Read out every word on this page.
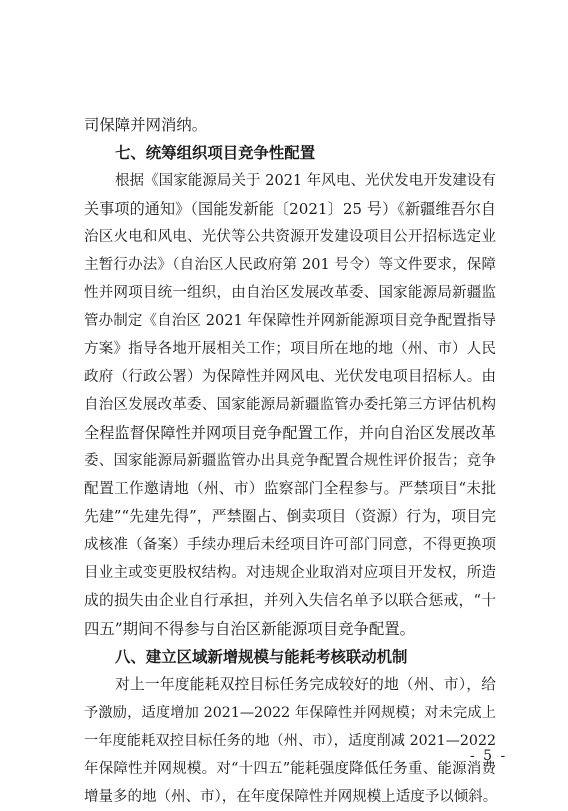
司保障并网消纳。
七、统筹组织项目竞争性配置
根据《国家能源局关于 2021 年风电、光伏发电开发建设有
关事项的通知》（国能发新能〔2021〕25 号）《新疆维吾尔自
治区火电和风电、光伏等公共资源开发建设项目公开招标选定业
主暂行办法》（自治区人民政府第 201 号令）等文件要求，保障
性并网项目统一组织，由自治区发展改革委、国家能源局新疆监
管办制定《自治区 2021 年保障性并网新能源项目竞争配置指导
方案》指导各地开展相关工作；项目所在地的地（州、市）人民
政府（行政公署）为保障性并网风电、光伏发电项目招标人。由
自治区发展改革委、国家能源局新疆监管办委托第三方评估机构
全程监督保障性并网项目竞争配置工作，并向自治区发展改革
委、国家能源局新疆监管办出具竞争配置合规性评价报告；竞争
配置工作邀请地（州、市）监察部门全程参与。严禁项目“未批
先建”“先建先得”，严禁圈占、倒卖项目（资源）行为，项目完
成核准（备案）手续办理后未经项目许可部门同意，不得更换项
目业主或变更股权结构。对违规企业取消对应项目开发权，所造
成的损失由企业自行承担，并列入失信名单予以联合惩戒，“十
四五”期间不得参与自治区新能源项目竞争配置。
八、建立区域新增规模与能耗考核联动机制
对上一年度能耗双控目标任务完成较好的地（州、市），给
予激励，适度增加 2021—2022 年保障性并网规模；对未完成上
一年度能耗双控目标任务的地（州、市），适度削减 2021—2022
年保障性并网规模。对“十四五”能耗强度降低任务重、能源消费
增量多的地（州、市），在年度保障性并网规模上适度予以倾斜。
- 5 -
